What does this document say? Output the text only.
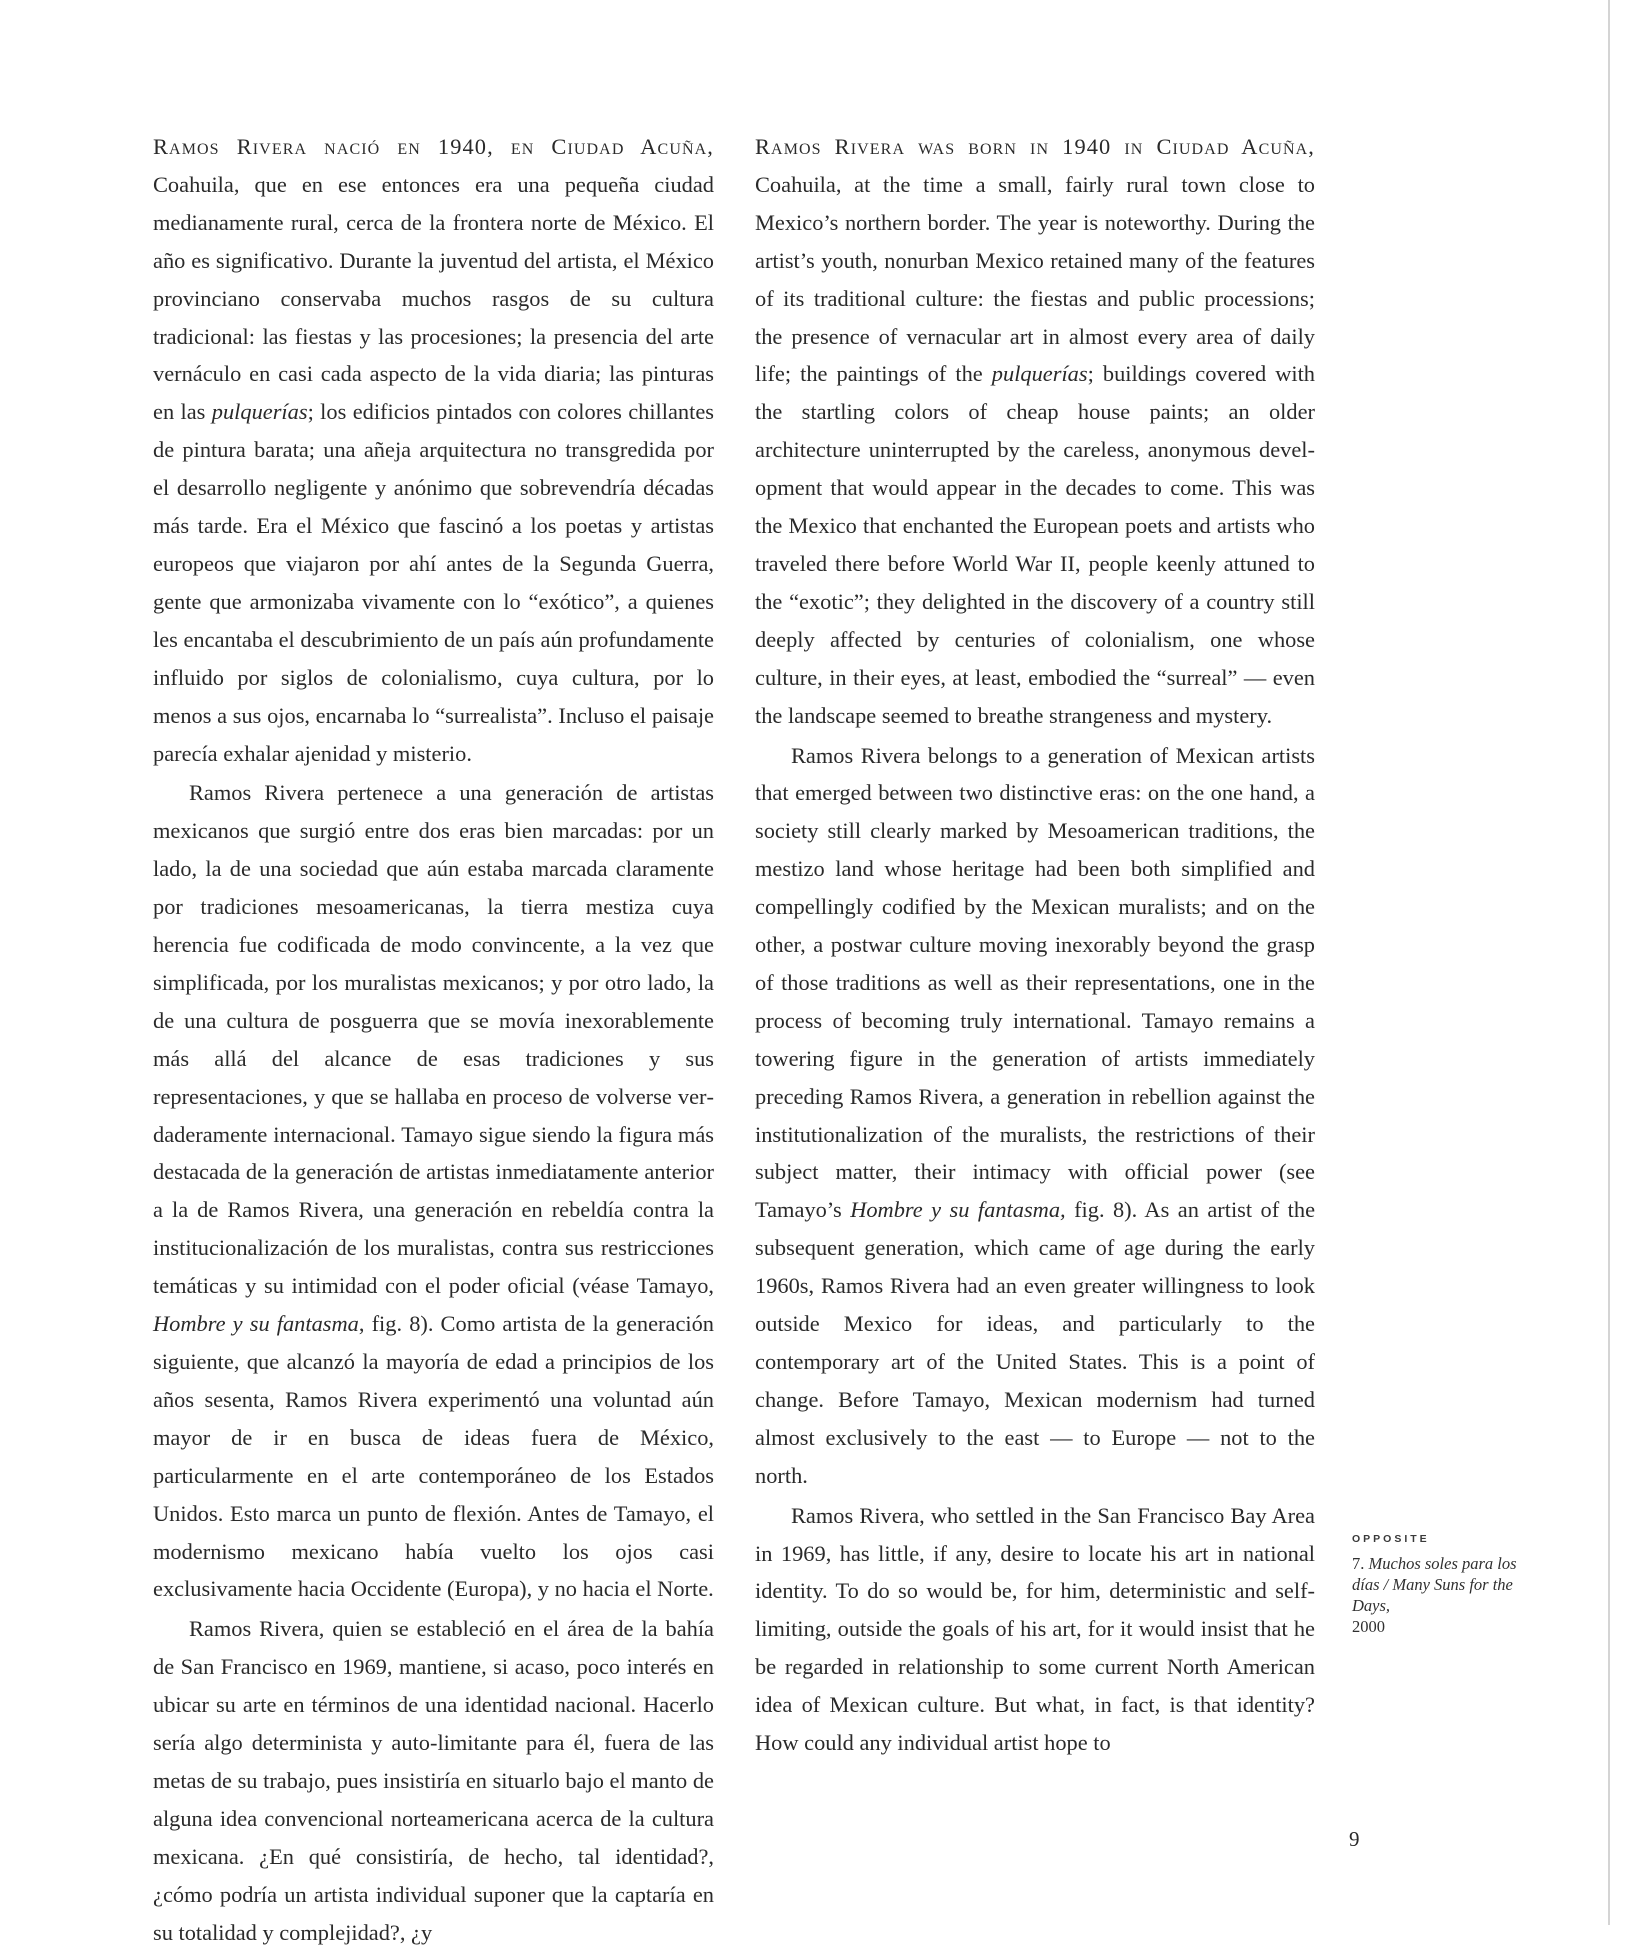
Ramos Rivera nació en 1940, en Ciudad Acuña, Coahuila, que en ese entonces era una pequeña ciudad medianamente rural, cerca de la frontera norte de México. El año es significativo. Durante la juventud del artista, el México provinciano conservaba muchos rasgos de su cultura tradicional: las fiestas y las procesiones; la presencia del arte vernáculo en casi cada aspecto de la vida diaria; las pinturas en las pulquerías; los edificios pintados con colores chillantes de pintura barata; una añeja arquitectura no transgredida por el desarrollo negligente y anónimo que sobrevendría décadas más tarde. Era el México que fascinó a los poetas y artistas europeos que viajaron por ahí antes de la Segunda Guerra, gente que armonizaba vivamente con lo “exótico”, a quienes les encantaba el descubrimiento de un país aún profundamente influido por siglos de colonialismo, cuya cultura, por lo menos a sus ojos, encarnaba lo “surrealista”. Incluso el paisaje parecía exhalar ajenidad y misterio.

Ramos Rivera pertenece a una generación de artistas mexicanos que surgió entre dos eras bien marcadas: por un lado, la de una sociedad que aún estaba marcada claramente por tradiciones mesoamericanas, la tierra mestiza cuya herencia fue codificada de modo convincente, a la vez que simplificada, por los muralistas mexicanos; y por otro lado, la de una cultura de posguerra que se movía inexorablemente más allá del alcance de esas tradiciones y sus representaciones, y que se hallaba en proceso de volverse verdaderamente internacional. Tamayo sigue siendo la figura más destacada de la generación de artistas inmediatamente anterior a la de Ramos Rivera, una generación en rebeldía contra la institucionalización de los muralistas, contra sus restricciones temáticas y su intimidad con el poder oficial (véase Tamayo, Hombre y su fantasma, fig. 8). Como artista de la generación siguiente, que alcanzó la mayoría de edad a principios de los años sesenta, Ramos Rivera experimentó una voluntad aún mayor de ir en busca de ideas fuera de México, particularmente en el arte contemporáneo de los Estados Unidos. Esto marca un punto de flexión. Antes de Tamayo, el modernismo mexicano había vuelto los ojos casi exclusivamente hacia Occidente (Europa), y no hacia el Norte.

Ramos Rivera, quien se estableció en el área de la bahía de San Francisco en 1969, mantiene, si acaso, poco interés en ubicar su arte en términos de una identidad nacional. Hacerlo sería algo determinista y auto-limitante para él, fuera de las metas de su trabajo, pues insistiría en situarlo bajo el manto de alguna idea convencional norteamericana acerca de la cultura mexicana. ¿En qué consistiría, de hecho, tal identidad?, ¿cómo podría un artista individual suponer que la captaría en su totalidad y complejidad?, ¿y

Ramos Rivera was born in 1940 in Ciudad Acuña, Coahuila, at the time a small, fairly rural town close to Mexico’s northern border. The year is noteworthy. During the artist’s youth, nonurban Mexico retained many of the features of its traditional culture: the fiestas and public processions; the presence of vernacular art in almost every area of daily life; the paintings of the pulquerías; buildings covered with the startling colors of cheap house paints; an older architecture uninterrupted by the careless, anonymous development that would appear in the decades to come. This was the Mexico that enchanted the European poets and artists who traveled there before World War II, people keenly attuned to the “exotic”; they delighted in the discovery of a country still deeply affected by centuries of colonialism, one whose culture, in their eyes, at least, embodied the “surreal” — even the landscape seemed to breathe strangeness and mystery.

Ramos Rivera belongs to a generation of Mexican artists that emerged between two distinctive eras: on the one hand, a society still clearly marked by Mesoamerican traditions, the mestizo land whose heritage had been both simplified and compellingly codified by the Mexican muralists; and on the other, a postwar culture moving inexorably beyond the grasp of those traditions as well as their representations, one in the process of becoming truly international. Tamayo remains a towering figure in the generation of artists immediately preceding Ramos Rivera, a generation in rebellion against the institutionalization of the muralists, the restrictions of their subject matter, their intimacy with official power (see Tamayo’s Hombre y su fantasma, fig. 8). As an artist of the subsequent generation, which came of age during the early 1960s, Ramos Rivera had an even greater willingness to look outside Mexico for ideas, and particularly to the contemporary art of the United States. This is a point of change. Before Tamayo, Mexican modernism had turned almost exclusively to the east — to Europe — not to the north.

Ramos Rivera, who settled in the San Francisco Bay Area in 1969, has little, if any, desire to locate his art in national identity. To do so would be, for him, deterministic and self-limiting, outside the goals of his art, for it would insist that he be regarded in relationship to some current North American idea of Mexican culture. But what, in fact, is that identity? How could any individual artist hope to

OPPOSITE
7. Muchos soles para los días / Many Suns for the Days,
2000
9
